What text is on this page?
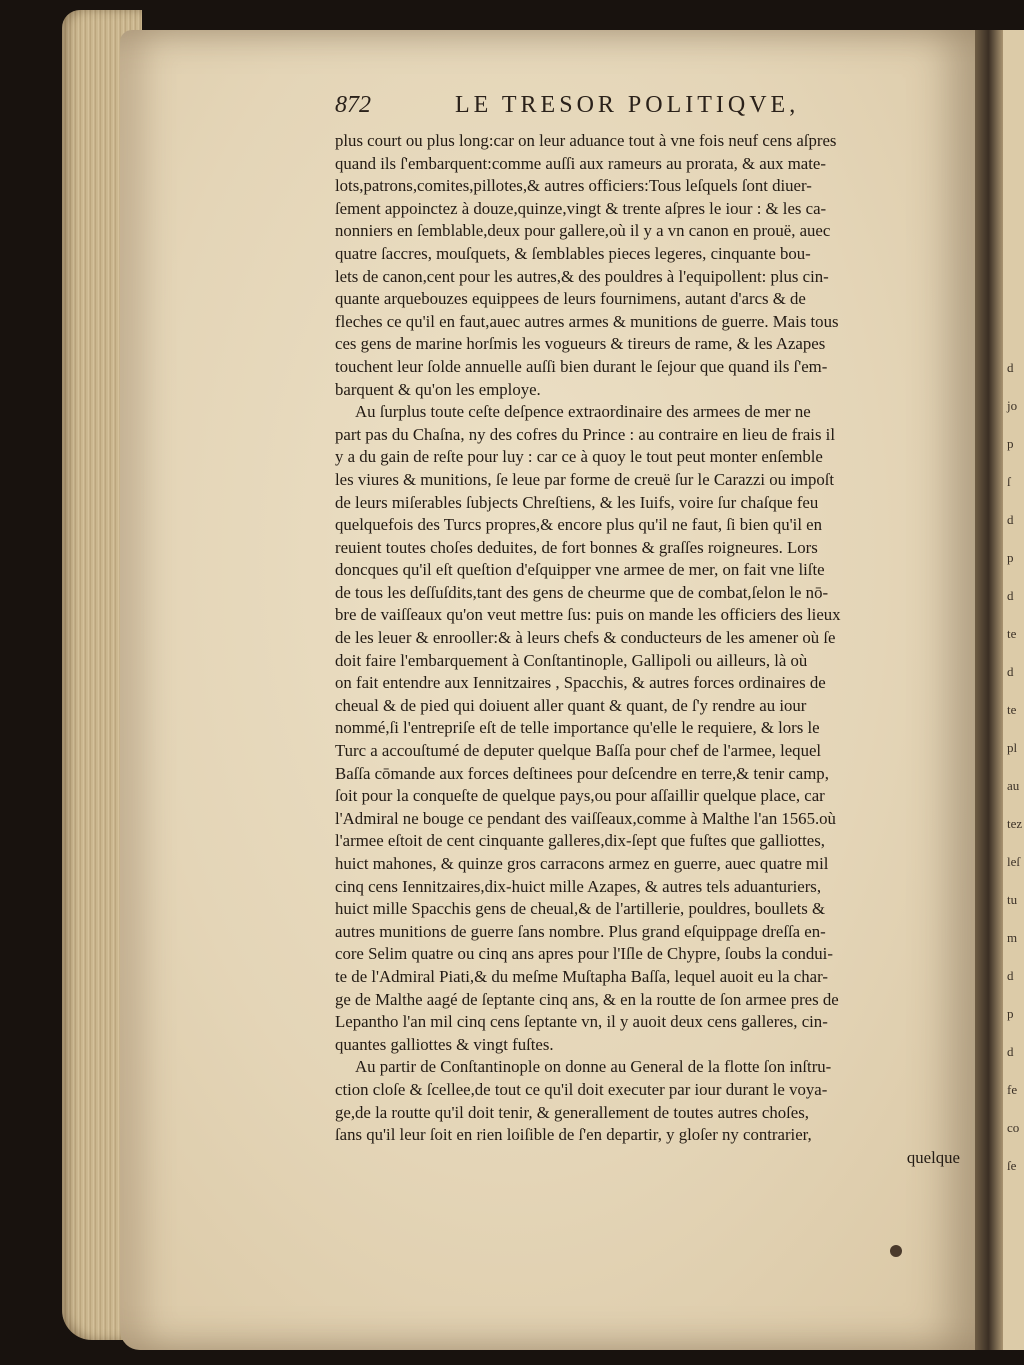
d
jo
p
ſ
d
p
d
te
d
te
pl
au
tez
leſ
tu
m
d
p
d
fe
co
ſe
872	LE TRESOR POLITIQVE,
plus court ou plus long:car on leur aduance tout à vne fois neuf cens aſpres
quand ils ſ'embarquent:comme auſſi aux rameurs au prorata, & aux mate-
lots,patrons,comites,pillotes,& autres officiers:Tous leſquels ſont diuer-
ſement appoinctez à douze,quinze,vingt & trente aſpres le iour : & les ca-
nonniers en ſemblable,deux pour gallere,où il y a vn canon en prouë, auec
quatre ſaccres, mouſquets, & ſemblables pieces legeres, cinquante bou-
lets de canon,cent pour les autres,& des pouldres à l'equipollent: plus cin-
quante arquebouzes equippees de leurs fournimens, autant d'arcs & de
fleches ce qu'il en faut,auec autres armes & munitions de guerre. Mais tous
ces gens de marine horſmis les vogueurs & tireurs de rame, & les Azapes
touchent leur ſolde annuelle auſſi bien durant le ſejour que quand ils ſ'em-
barquent & qu'on les employe.
Au ſurplus toute ceſte deſpence extraordinaire des armees de mer ne
part pas du Chaſna, ny des cofres du Prince : au contraire en lieu de frais il
y a du gain de reſte pour luy : car ce à quoy le tout peut monter enſemble
les viures & munitions, ſe leue par forme de creuë ſur le Carazzi ou impoſt
de leurs miſerables ſubjects Chreſtiens, & les Iuifs, voire ſur chaſque feu
quelquefois des Turcs propres,& encore plus qu'il ne faut, ſi bien qu'il en
reuient toutes choſes deduites, de fort bonnes & graſſes roigneures. Lors
doncques qu'il eſt queſtion d'eſquipper vne armee de mer, on fait vne liſte
de tous les deſſuſdits,tant des gens de cheurme que de combat,ſelon le nō-
bre de vaiſſeaux qu'on veut mettre ſus: puis on mande les officiers des lieux
de les leuer & enrooller:& à leurs chefs & conducteurs de les amener où ſe
doit faire l'embarquement à Conſtantinople, Gallipoli ou ailleurs, là où
on fait entendre aux Iennitzaires , Spacchis, & autres forces ordinaires de
cheual & de pied qui doiuent aller quant & quant, de ſ'y rendre au iour
nommé,ſi l'entrepriſe eſt de telle importance qu'elle le requiere, & lors le
Turc a accouſtumé de deputer quelque Baſſa pour chef de l'armee, lequel
Baſſa cōmande aux forces deſtinees pour deſcendre en terre,& tenir camp,
ſoit pour la conqueſte de quelque pays,ou pour aſſaillir quelque place, car
l'Admiral ne bouge ce pendant des vaiſſeaux,comme à Malthe l'an 1565.où
l'armee eſtoit de cent cinquante galleres,dix-ſept que fuſtes que galliottes,
huict mahones, & quinze gros carracons armez en guerre, auec quatre mil
cinq cens Iennitzaires,dix-huict mille Azapes, & autres tels aduanturiers,
huict mille Spacchis gens de cheual,& de l'artillerie, pouldres, boullets &
autres munitions de guerre ſans nombre. Plus grand eſquippage dreſſa en-
core Selim quatre ou cinq ans apres pour l'Iſle de Chypre, ſoubs la condui-
te de l'Admiral Piati,& du meſme Muſtapha Baſſa, lequel auoit eu la char-
ge de Malthe aagé de ſeptante cinq ans, & en la routte de ſon armee pres de
Lepantho l'an mil cinq cens ſeptante vn, il y auoit deux cens galleres, cin-
quantes galliottes & vingt fuſtes.
Au partir de Conſtantinople on donne au General de la flotte ſon inſtru-
ction cloſe & ſcellee,de tout ce qu'il doit executer par iour durant le voya-
ge,de la routte qu'il doit tenir, & generallement de toutes autres choſes,
ſans qu'il leur ſoit en rien loiſible de ſ'en departir, y gloſer ny contrarier,
quelque
